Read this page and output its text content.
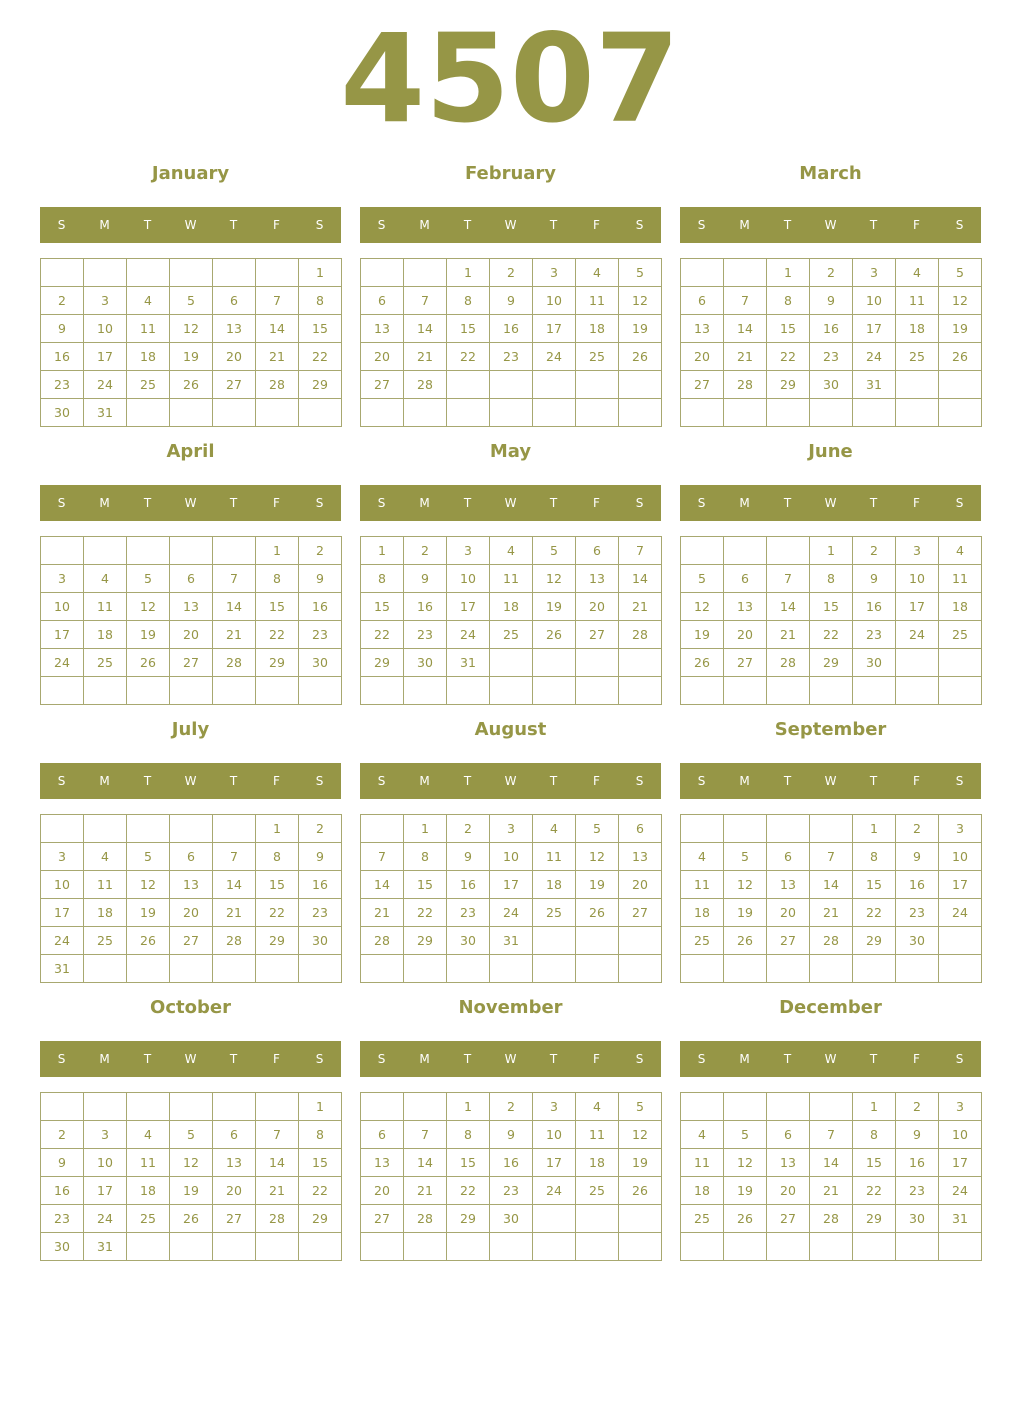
4507
January
S	M	T	W	T	F	S
						1
2	3	4	5	6	7	8
9	10	11	12	13	14	15
16	17	18	19	20	21	22
23	24	25	26	27	28	29
30	31					
February
S	M	T	W	T	F	S
		1	2	3	4	5
6	7	8	9	10	11	12
13	14	15	16	17	18	19
20	21	22	23	24	25	26
27	28					

March
S	M	T	W	T	F	S
		1	2	3	4	5
6	7	8	9	10	11	12
13	14	15	16	17	18	19
20	21	22	23	24	25	26
27	28	29	30	31		

April
S	M	T	W	T	F	S
					1	2
3	4	5	6	7	8	9
10	11	12	13	14	15	16
17	18	19	20	21	22	23
24	25	26	27	28	29	30

May
S	M	T	W	T	F	S
1	2	3	4	5	6	7
8	9	10	11	12	13	14
15	16	17	18	19	20	21
22	23	24	25	26	27	28
29	30	31				

June
S	M	T	W	T	F	S
			1	2	3	4
5	6	7	8	9	10	11
12	13	14	15	16	17	18
19	20	21	22	23	24	25
26	27	28	29	30		

July
S	M	T	W	T	F	S
					1	2
3	4	5	6	7	8	9
10	11	12	13	14	15	16
17	18	19	20	21	22	23
24	25	26	27	28	29	30
31						
August
S	M	T	W	T	F	S
	1	2	3	4	5	6
7	8	9	10	11	12	13
14	15	16	17	18	19	20
21	22	23	24	25	26	27
28	29	30	31			

September
S	M	T	W	T	F	S
				1	2	3
4	5	6	7	8	9	10
11	12	13	14	15	16	17
18	19	20	21	22	23	24
25	26	27	28	29	30	

October
S	M	T	W	T	F	S
						1
2	3	4	5	6	7	8
9	10	11	12	13	14	15
16	17	18	19	20	21	22
23	24	25	26	27	28	29
30	31					
November
S	M	T	W	T	F	S
		1	2	3	4	5
6	7	8	9	10	11	12
13	14	15	16	17	18	19
20	21	22	23	24	25	26
27	28	29	30			

December
S	M	T	W	T	F	S
				1	2	3
4	5	6	7	8	9	10
11	12	13	14	15	16	17
18	19	20	21	22	23	24
25	26	27	28	29	30	31
